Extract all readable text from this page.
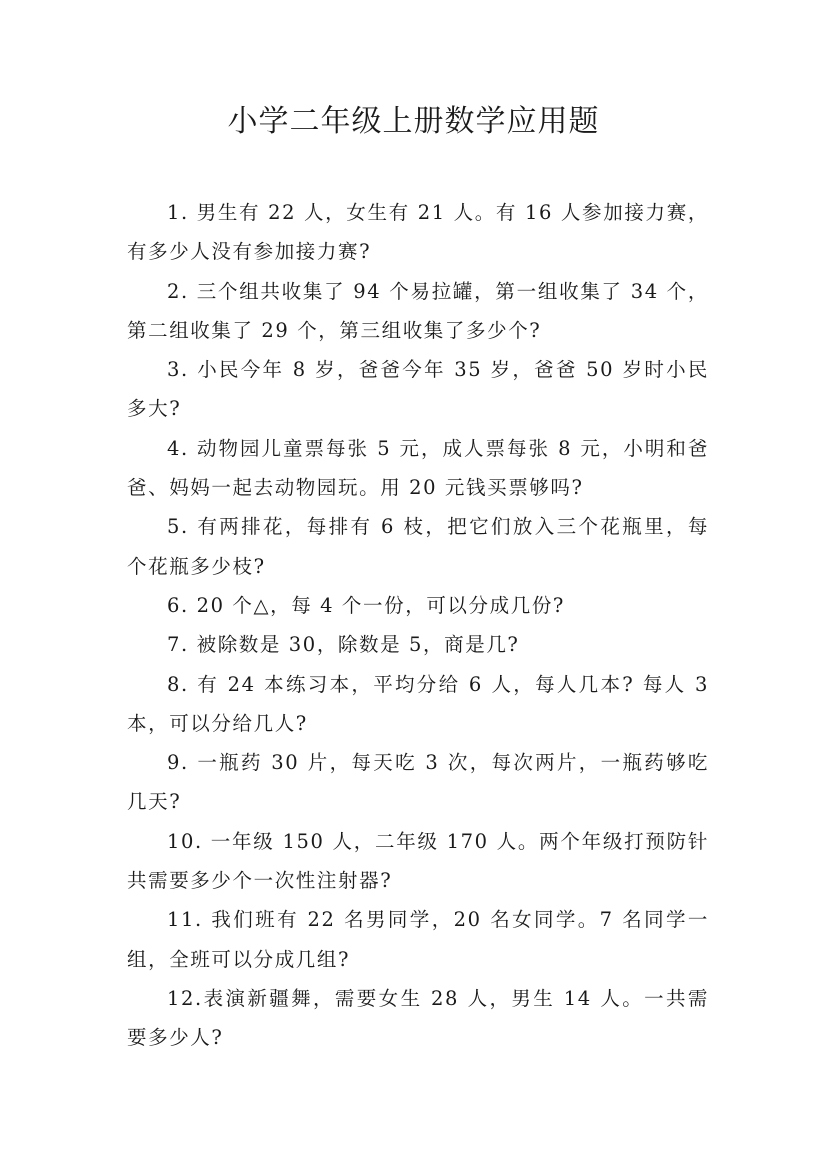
小学二年级上册数学应用题
1. 男生有 22 人，女生有 21 人。有 16 人参加接力赛，有多少人没有参加接力赛?
2. 三个组共收集了 94 个易拉罐，第一组收集了 34 个，第二组收集了 29 个，第三组收集了多少个?
3. 小民今年 8 岁，爸爸今年 35 岁，爸爸 50 岁时小民多大?
4. 动物园儿童票每张 5 元，成人票每张 8 元，小明和爸爸、妈妈一起去动物园玩。用 20 元钱买票够吗?
5. 有两排花，每排有 6 枝，把它们放入三个花瓶里，每个花瓶多少枝?
6. 20 个△，每 4 个一份，可以分成几份?
7. 被除数是 30，除数是 5，商是几?
8. 有 24 本练习本，平均分给 6 人，每人几本? 每人 3 本，可以分给几人?
9. 一瓶药 30 片，每天吃 3 次，每次两片，一瓶药够吃几天?
10. 一年级 150 人，二年级 170 人。两个年级打预防针共需要多少个一次性注射器?
11. 我们班有 22 名男同学，20 名女同学。7 名同学一组，全班可以分成几组?
12.表演新疆舞，需要女生 28 人，男生 14 人。一共需要多少人?
